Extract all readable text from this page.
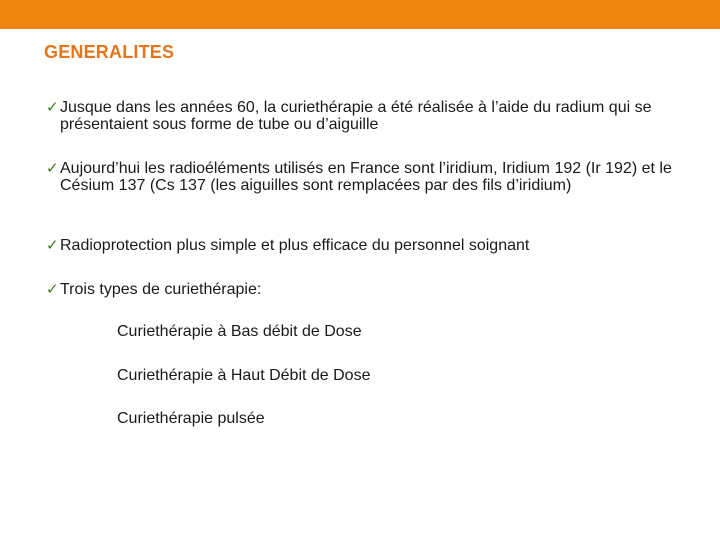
GENERALITES
✓ Jusque dans les années 60, la curiethérapie a été réalisée à l’aide du radium qui se présentaient sous forme de tube ou d’aiguille
✓ Aujourd’hui les radioéléments utilisés en France sont l’iridium, Iridium 192 (Ir 192) et le Césium 137 (Cs 137 (les aiguilles sont remplacées par des fils d’iridium)
✓ Radioprotection plus simple et plus efficace du personnel soignant
✓ Trois types de curiethérapie:
Curiethérapie à Bas débit de Dose
Curiethérapie à Haut Débit de Dose
Curiethérapie pulsée
